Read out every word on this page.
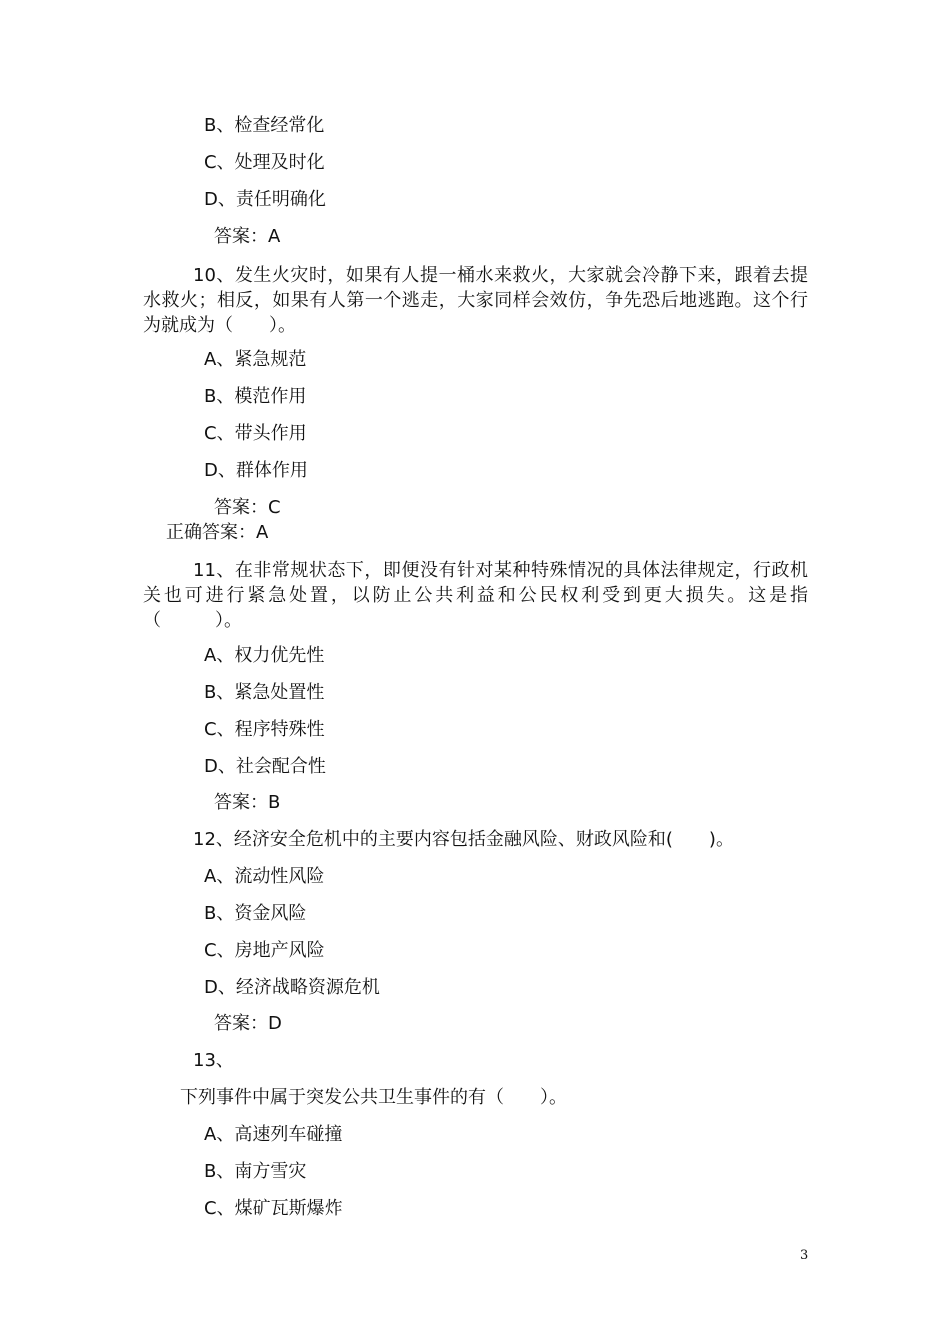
B、检查经常化
C、处理及时化
D、责任明确化
答案：A
10、发生火灾时，如果有人提一桶水来救火，大家就会冷静下来，跟着去提水救火；相反，如果有人第一个逃走，大家同样会效仿，争先恐后地逃跑。这个行为就成为（　　）。
A、紧急规范
B、模范作用
C、带头作用
D、群体作用
答案：C
正确答案：A
11、在非常规状态下，即便没有针对某种特殊情况的具体法律规定，行政机关也可进行紧急处置，以防止公共利益和公民权利受到更大损失。这是指（　　　）。
A、权力优先性
B、紧急处置性
C、程序特殊性
D、社会配合性
答案：B
12、经济安全危机中的主要内容包括金融风险、财政风险和(　　)。
A、流动性风险
B、资金风险
C、房地产风险
D、经济战略资源危机
答案：D
13、
下列事件中属于突发公共卫生事件的有（　　）。
A、高速列车碰撞
B、南方雪灾
C、煤矿瓦斯爆炸
3
